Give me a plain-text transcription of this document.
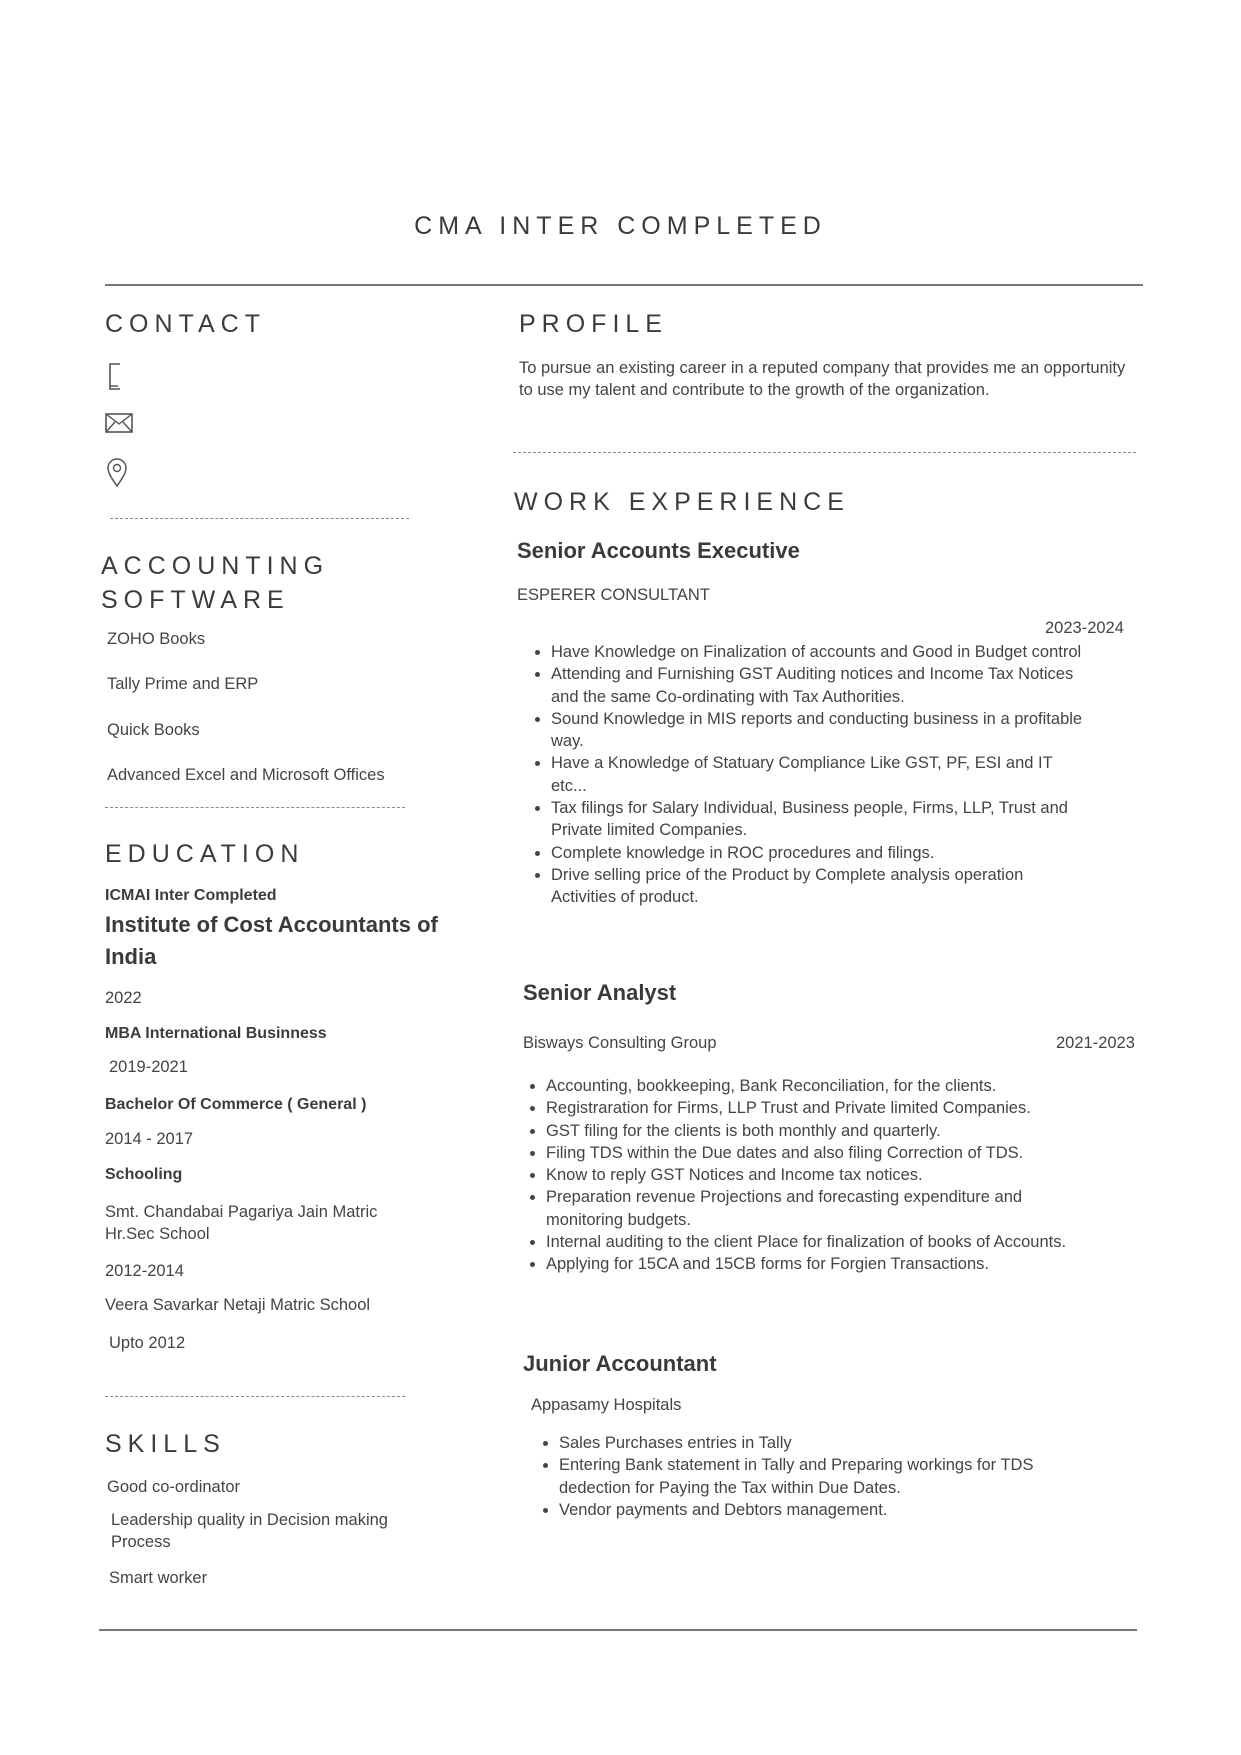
CMA INTER COMPLETED
CONTACT
ACCOUNTING
SOFTWARE
ZOHO Books
Tally Prime and ERP
Quick Books
Advanced Excel and Microsoft Offices
EDUCATION
ICMAI Inter Completed
Institute of Cost Accountants of India
2022
MBA International Businness
2019-2021
Bachelor Of Commerce ( General )
2014 - 2017
Schooling
Smt. Chandabai Pagariya Jain Matric Hr.Sec School
2012-2014
Veera Savarkar Netaji Matric School
Upto 2012
SKILLS
Good co-ordinator
Leadership quality in Decision making Process
Smart worker
PROFILE
To pursue an existing career in a reputed company that provides me an opportunity to use my talent and contribute to the growth of the organization.
WORK EXPERIENCE
Senior Accounts Executive
ESPERER CONSULTANT
2023-2024
• Have Knowledge on Finalization of accounts and Good in Budget control
• Attending and Furnishing GST Auditing notices and Income Tax Notices and the same Co-ordinating with Tax Authorities.
• Sound Knowledge in MIS reports and conducting business in a profitable way.
• Have a Knowledge of Statuary Compliance Like GST, PF, ESI and IT etc...
• Tax filings for Salary Individual, Business people, Firms, LLP, Trust and Private limited Companies.
• Complete knowledge in ROC procedures and filings.
• Drive selling price of the Product by Complete analysis operation Activities of product.
Senior Analyst
Bisways Consulting Group	2021-2023
• Accounting, bookkeeping, Bank Reconciliation, for the clients.
• Registraration for Firms, LLP Trust and Private limited Companies.
• GST filing for the clients is both monthly and quarterly.
• Filing TDS within the Due dates and also filing Correction of TDS.
• Know to reply GST Notices and Income tax notices.
• Preparation revenue Projections and forecasting expenditure and monitoring budgets.
• Internal auditing to the client Place for finalization of books of Accounts.
• Applying for 15CA and 15CB forms for Forgien Transactions.
Junior Accountant
Appasamy Hospitals
• Sales Purchases entries in Tally
• Entering Bank statement in Tally and Preparing workings for TDS dedection for Paying the Tax within Due Dates.
• Vendor payments and Debtors management.
